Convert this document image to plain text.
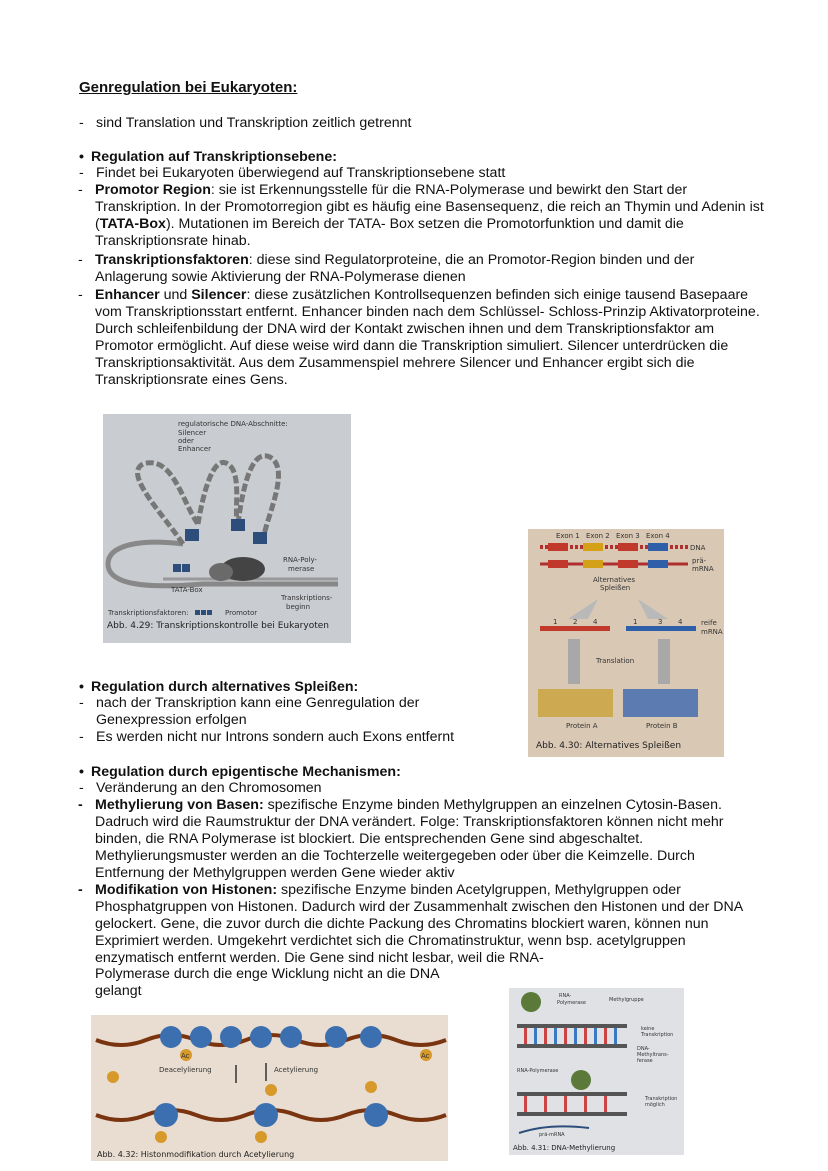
Genregulation bei Eukaryoten:
- sind Translation und Transkription zeitlich getrennt
• Regulation auf Transkriptionsebene:
- Findet bei Eukaryoten überwiegend auf Transkriptionsebene statt
- Promotor Region: sie ist Erkennungsstelle für die RNA-Polymerase und bewirkt den Start der Transkription. In der Promotorregion gibt es häufig eine Basensequenz, die reich an Thymin und Adenin ist (TATA-Box). Mutationen im Bereich der TATA- Box setzen die Promotorfunktion und damit die Transkriptionsrate hinab.
- Transkriptionsfaktoren: diese sind Regulatorproteine, die an Promotor-Region binden und der Anlagerung sowie Aktivierung der RNA-Polymerase dienen
- Enhancer und Silencer: diese zusätzlichen Kontrollsequenzen befinden sich einige tausend Basepaare vom Transkriptionsstart entfernt. Enhancer binden nach dem Schlüssel- Schloss-Prinzip Aktivatorproteine. Durch schleifenbildung der DNA wird der Kontakt zwischen ihnen und dem Transkriptionsfaktor am Promotor ermöglicht. Auf diese weise wird dann die Transkription simuliert. Silencer unterdrücken die Transkriptionsaktivität. Aus dem Zusammenspiel mehrere Silencer und Enhancer ergibt sich die Transkriptionsrate eines Gens.
regulatorische DNA-Abschnitte:
Silencer
oder
Enhancer
RNA-Poly-
merase
TATA-Box
Transkriptions-
beginn
Transkriptionsfaktoren:	Promotor
Abb. 4.29: Transkriptionskontrolle bei Eukaryoten
Exon 1 Exon 2 Exon 3 Exon 4
DNA
prä-
mRNA
Alternatives
Spleißen
1 2 4	1	3 4	reife
mRNA
Translation
Protein A	Protein B
Abb. 4.30: Alternatives Spleißen
• Regulation durch alternatives Spleißen:
- nach der Transkription kann eine Genregulation der
Genexpression erfolgen
- Es werden nicht nur Introns sondern auch Exons entfernt
• Regulation durch epigentische Mechanismen:
- Veränderung an den Chromosomen
- Methylierung von Basen: spezifische Enzyme binden Methylgruppen an einzelnen Cytosin-Basen. Dadruch wird die Raumstruktur der DNA verändert. Folge: Transkriptionsfaktoren können nicht mehr binden, die RNA Polymerase ist blockiert. Die entsprechenden Gene sind abgeschaltet. Methylierungsmuster werden an die Tochterzelle weitergegeben oder über die Keimzelle. Durch Entfernung der Methylgruppen werden Gene wieder aktiv
- Modifikation von Histonen: spezifische Enzyme binden Acetylgruppen, Methylgruppen oder Phosphatgruppen von Histonen. Dadurch wird der Zusammenhalt zwischen den Histonen und der DNA gelockert. Gene, die zuvor durch die dichte Packung des Chromatins blockiert waren, können nun Exprimiert werden. Umgekehrt verdichtet sich die Chromatinstruktur, wenn bsp. acetylgruppen enzymatisch entfernt werden. Die Gene sind nicht lesbar, weil die RNA-
Polymerase durch die enge Wicklung nicht an die DNA
gelangt
Deacelylierung	Acetylierung
Ac	Ac
Abb. 4.32: Histonmodifikation durch Acetylierung
RNA-
Polymerase	Methylgruppe
keine
Transkription
DNA-
Methyltrans-
ferase
RNA-Polymerase
Transkription
möglich
prä-mRNA
Abb. 4.31: DNA-Methylierung
